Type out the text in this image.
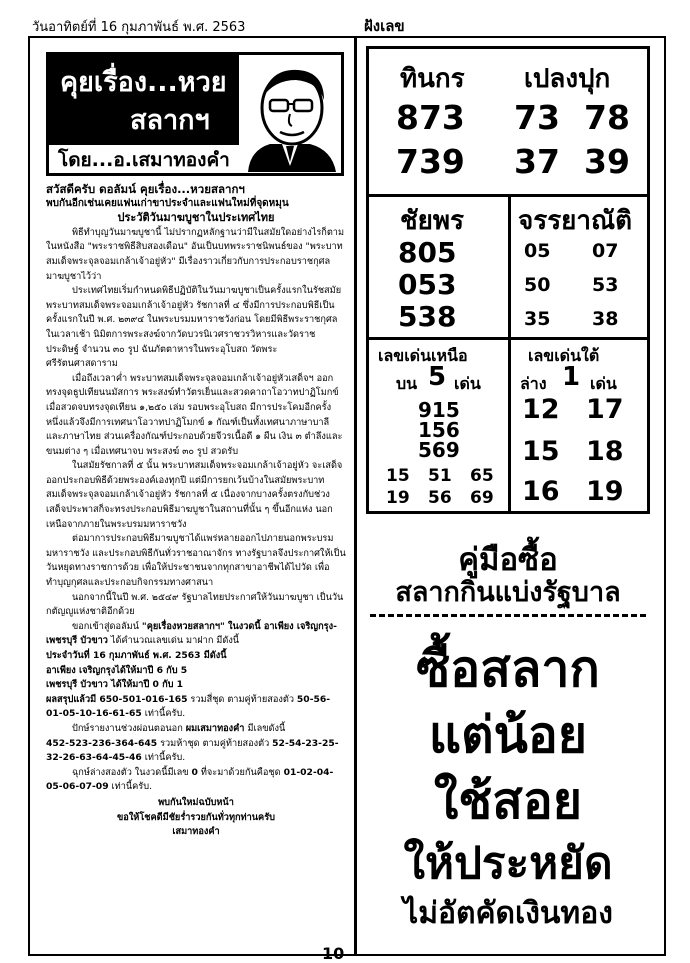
วันอาทิตย์ที่ 16 กุมภาพันธ์ พ.ศ. 2563	ฝังเลข
คุยเรื่อง...หวย
สลากฯ
โดย...อ.เสมาทองคำ

สวัสดีครับ ดอลัมน์ คุยเรื่อง...หวยสลากฯ

พบกันอีกเช่นเคยแฟนเก่าขาประจำและแฟนใหม่ที่จุดหมุน

ประวัติวันมาฆบูชาในประเทศไทย

พิธีทำบุญวันมาฆบูชานี้ ไม่ปรากฏหลักฐานว่ามีในสมัยใดอย่างไรก็ตามในหนังสือ "พระราชพิธีสิบสองเดือน" อันเป็นบทพระราชนิพนธ์ของ "พระบาทสมเด็จพระจุลจอมเกล้าเจ้าอยู่หัว" มีเรื่องราวเกี่ยวกับการประกอบราชกุศลมาฆบูชาไว้ว่า

ประเทศไทยเริ่มกำหนดพิธีปฏิบัติในวันมาฆบูชาเป็นครั้งแรกในรัชสมัยพระบาทสมเด็จพระจอมเกล้าเจ้าอยู่หัว รัชกาลที่ ๔ ซึ่งมีการประกอบพิธีเป็นครั้งแรกในปี พ.ศ. ๒๓๙๔ ในพระบรมมหาราชวังก่อน โดยมีพิธีพระราชกุศลในเวลาเช้า นิมิตการพระสงฆ์จากวัดบวรนิเวศราชวรวิหารและวัดราชประดิษฐ์ จำนวน ๓๐ รูป ฉันภัตตาหารในพระอุโบสถ วัดพระศรีรัตนศาสดาราม

เมื่อถึงเวลาค่ำ พระบาทสมเด็จพระจุลจอมเกล้าเจ้าอยู่หัวเสด็จฯ ออก ทรงจุดธูปเทียนนมัสการ พระสงฆ์ทำวัตรเย็นและสวดคาถาโอวาทปาฏิโมกข์ เมื่อสวดจบทรงจุดเทียน ๑,๒๕๐ เล่ม รอบพระอุโบสถ มีการประโคมอีกครั้งหนึ่งแล้วจึงมีการเทศนาโอวาทปาฏิโมกข์ ๑ กัณฑ์เป็นทั้งเทศนาภาษาบาลี และภาษาไทย ส่วนเครื่องกัณฑ์ประกอบด้วยจีวรเนื้อดี ๑ ผืน เงิน ๓ ตำลึงและขนมต่าง ๆ เมื่อเทศนาจบ พระสงฆ์ ๓๐ รูป สวดรับ

ในสมัยรัชกาลที่ ๕ นั้น พระบาทสมเด็จพระจอมเกล้าเจ้าอยู่หัว จะเสด็จออกประกอบพิธีด้วยพระองค์เองทุกปี แต่มีการยกเว้นบ้างในสมัยพระบาทสมเด็จพระจุลจอมเกล้าเจ้าอยู่หัว รัชกาลที่ ๕ เนื่องจากบางครั้งตรงกับช่วงเสด็จประพาสก็จะทรงประกอบพิธีมาฆบูชาในสถานที่นั้น ๆ ขึ้นอีกแห่ง นอกเหนือจากภายในพระบรมมหาราชวัง

ต่อมาการประกอบพิธีมาฆบูชาได้แพร่หลายออกไปภายนอกพระบรมมหาราชวัง และประกอบพิธีกันทั่วราชอาณาจักร ทางรัฐบาลจึงประกาศให้เป็นวันหยุดทางราชการด้วย เพื่อให้ประชาชนจากทุกสาขาอาชีพได้ไปวัด เพื่อทำบุญกุศลและประกอบกิจกรรมทางศาสนา

นอกจากนี้ในปี พ.ศ. ๒๕๔๙ รัฐบาลไทยประกาศให้วันมาฆบูชา เป็นวันกตัญญูแห่งชาติอีกด้วย

ขอกเข้าสู่ดอลัมน์ "คุยเรื่องหวยสลากฯ" ในงวดนี้ อาเพียง เจริญกรุง-เพชรบุรี บัวขาว ได้คำนวณเลขเด่น มาฝาก มีดังนี้

ประจำวันที่ 16 กุมภาพันธ์ พ.ศ. 2563 มีดังนี้

อาเพียง เจริญกรุงได้ให้มาปี 6 กับ 5

เพชรบุรี บัวขาว ได้ให้มาปี 0 กับ 1

ผลสรุปแล้วมี 650-501-016-165 รวมสี่ชุด ตามคู่ท้ายสองตัว 50-56-01-05-10-16-61-65 เท่านี้ครับ.

ปักษ์รายงานช่วงผ่อนตอนอก ผมเสมาทองคำ มีเลขดังนี้

452-523-236-364-645 รวมห้าชุด ตามคู่ท้ายสองตัว 52-54-23-25-32-26-63-64-45-46 เท่านี้ครับ.

ฉุกษ์ล่างสองตัว ในงวดนี้มีเลข 0 ที่จะมาด้วยกันคือชุด 01-02-04-05-06-07-09 เท่านี้ครับ.

พบกันใหม่ฉบับหน้า

ขอให้โชคดีมีชัยร่ำรวยกันทั่วทุกท่านครับ

เสมาทองคำ

ทินกร เปลงปุก
873
739
73 78
37 39
ชัยพร จรรยาณัติ
805
053
538
05 07
50 53
35 38
เลขเด่นเหนือ
บน 5 เด่น
เลขเด่นใต้
ล่าง 1 เด่น
915
156
569
15 51 65
19 56 69
12 17
15 18
16 19
คู่มือซื้อ
สลากกินแบ่งรัฐบาล
ซื้อสลาก
แต่น้อย
ใช้สอย
ให้ประหยัด
ไม่อัตคัดเงินทอง
10
